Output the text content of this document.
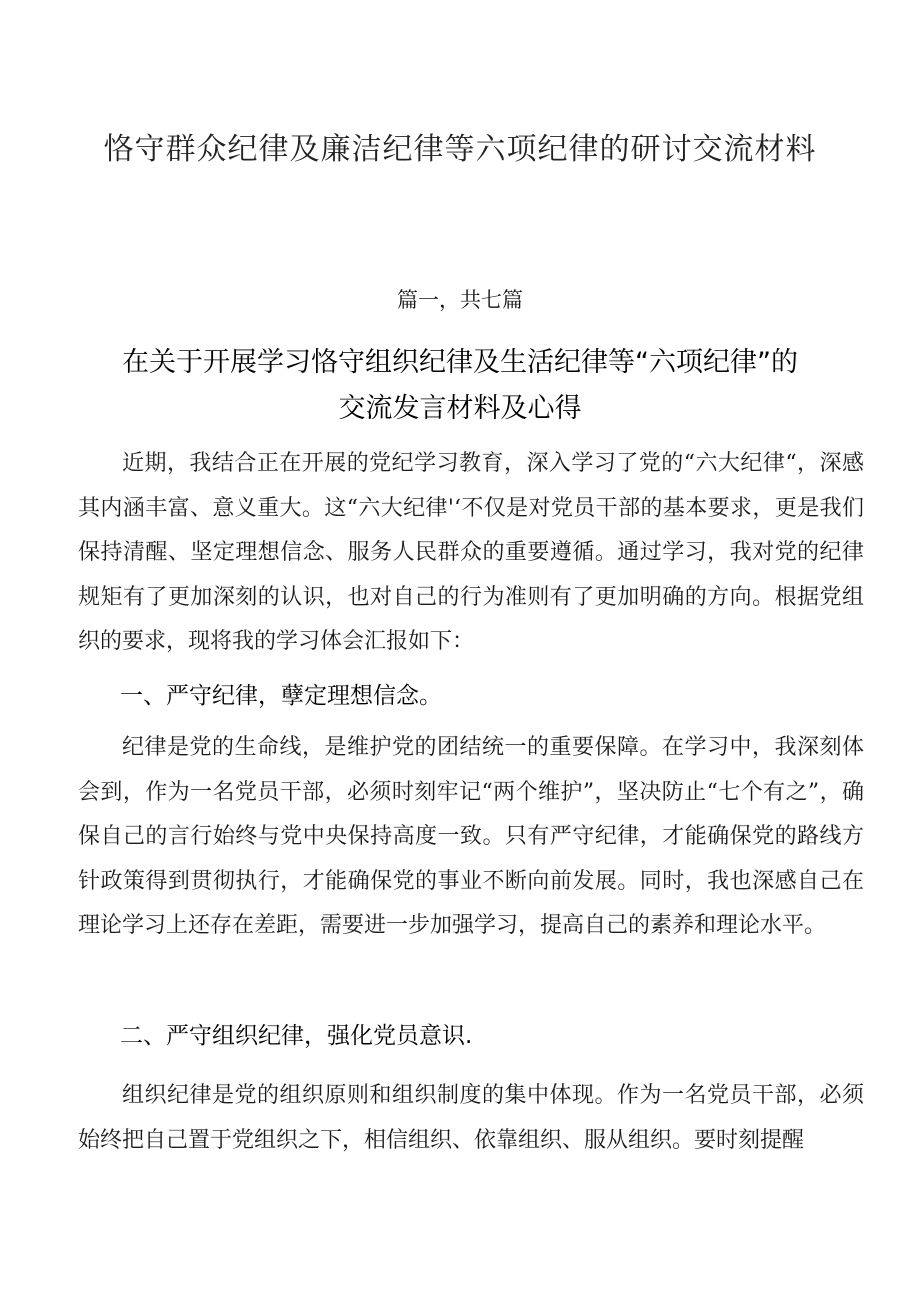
恪守群众纪律及廉洁纪律等六项纪律的研讨交流材料
篇一，共七篇
在关于开展学习恪守组织纪律及生活纪律等“六项纪律”的
交流发言材料及心得

近期，我结合正在开展的党纪学习教育，深入学习了党的“六大纪律“，深感其内涵丰富、意义重大。这“六大纪律'‘不仅是对党员干部的基本要求，更是我们保持清醒、坚定理想信念、服务人民群众的重要遵循。通过学习，我对党的纪律规矩有了更加深刻的认识，也对自己的行为准则有了更加明确的方向。根据党组织的要求，现将我的学习体会汇报如下：

一、严守纪律，孽定理想信念。

纪律是党的生命线，是维护党的团结统一的重要保障。在学习中，我深刻体会到，作为一名党员干部，必须时刻牢记“两个维护”，坚决防止“七个有之”，确保自己的言行始终与党中央保持高度一致。只有严守纪律，才能确保党的路线方针政策得到贯彻执行，才能确保党的事业不断向前发展。同时，我也深感自己在理论学习上还存在差距，需要进一步加强学习，提高自己的素养和理论水平。

二、严守组织纪律，强化党员意识.

组织纪律是党的组织原则和组织制度的集中体现。作为一名党员干部，必须始终把自己置于党组织之下，相信组织、依靠组织、服从组织。要时刻提醒
